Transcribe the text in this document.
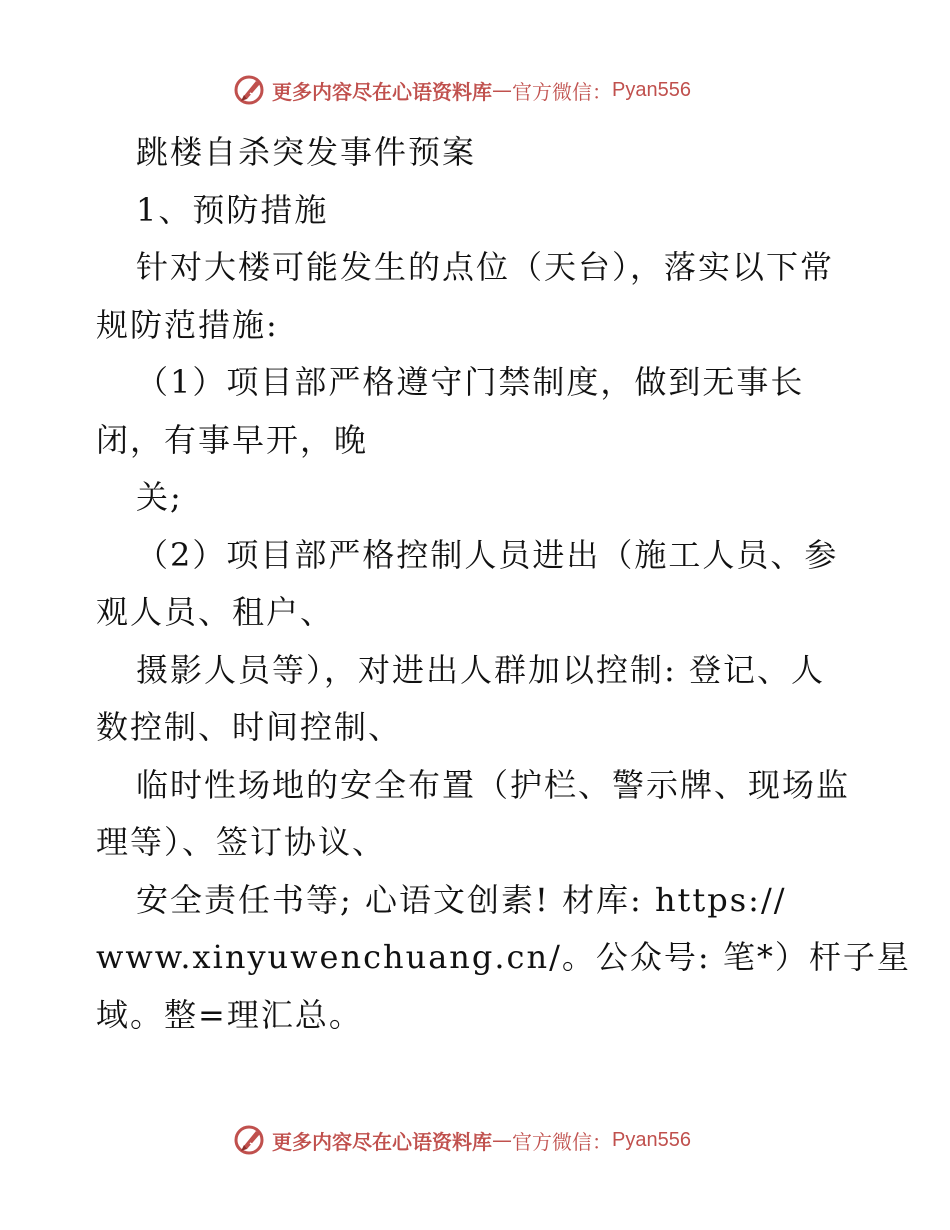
更多内容尽在心语资料库 — 官方微信： Pyan556
跳楼自杀突发事件预案
1、预防措施
针对大楼可能发生的点位（天台），落实以下常
规防范措施:
（1）项目部严格遵守门禁制度，做到无事长
闭，有事早开，晚
关;
（2）项目部严格控制人员进出（施工人员、参
观人员、租户、
摄影人员等），对进出人群加以控制: 登记、人
数控制、时间控制、
临时性场地的安全布置（护栏、警示牌、现场监
理等）、签订协议、
安全责任书等; 心语文创素! 材库: https://
www.xinyuwenchuang.cn/。公众号: 笔*）杆子星
域。整=理汇总。
更多内容尽在心语资料库 — 官方微信： Pyan556
